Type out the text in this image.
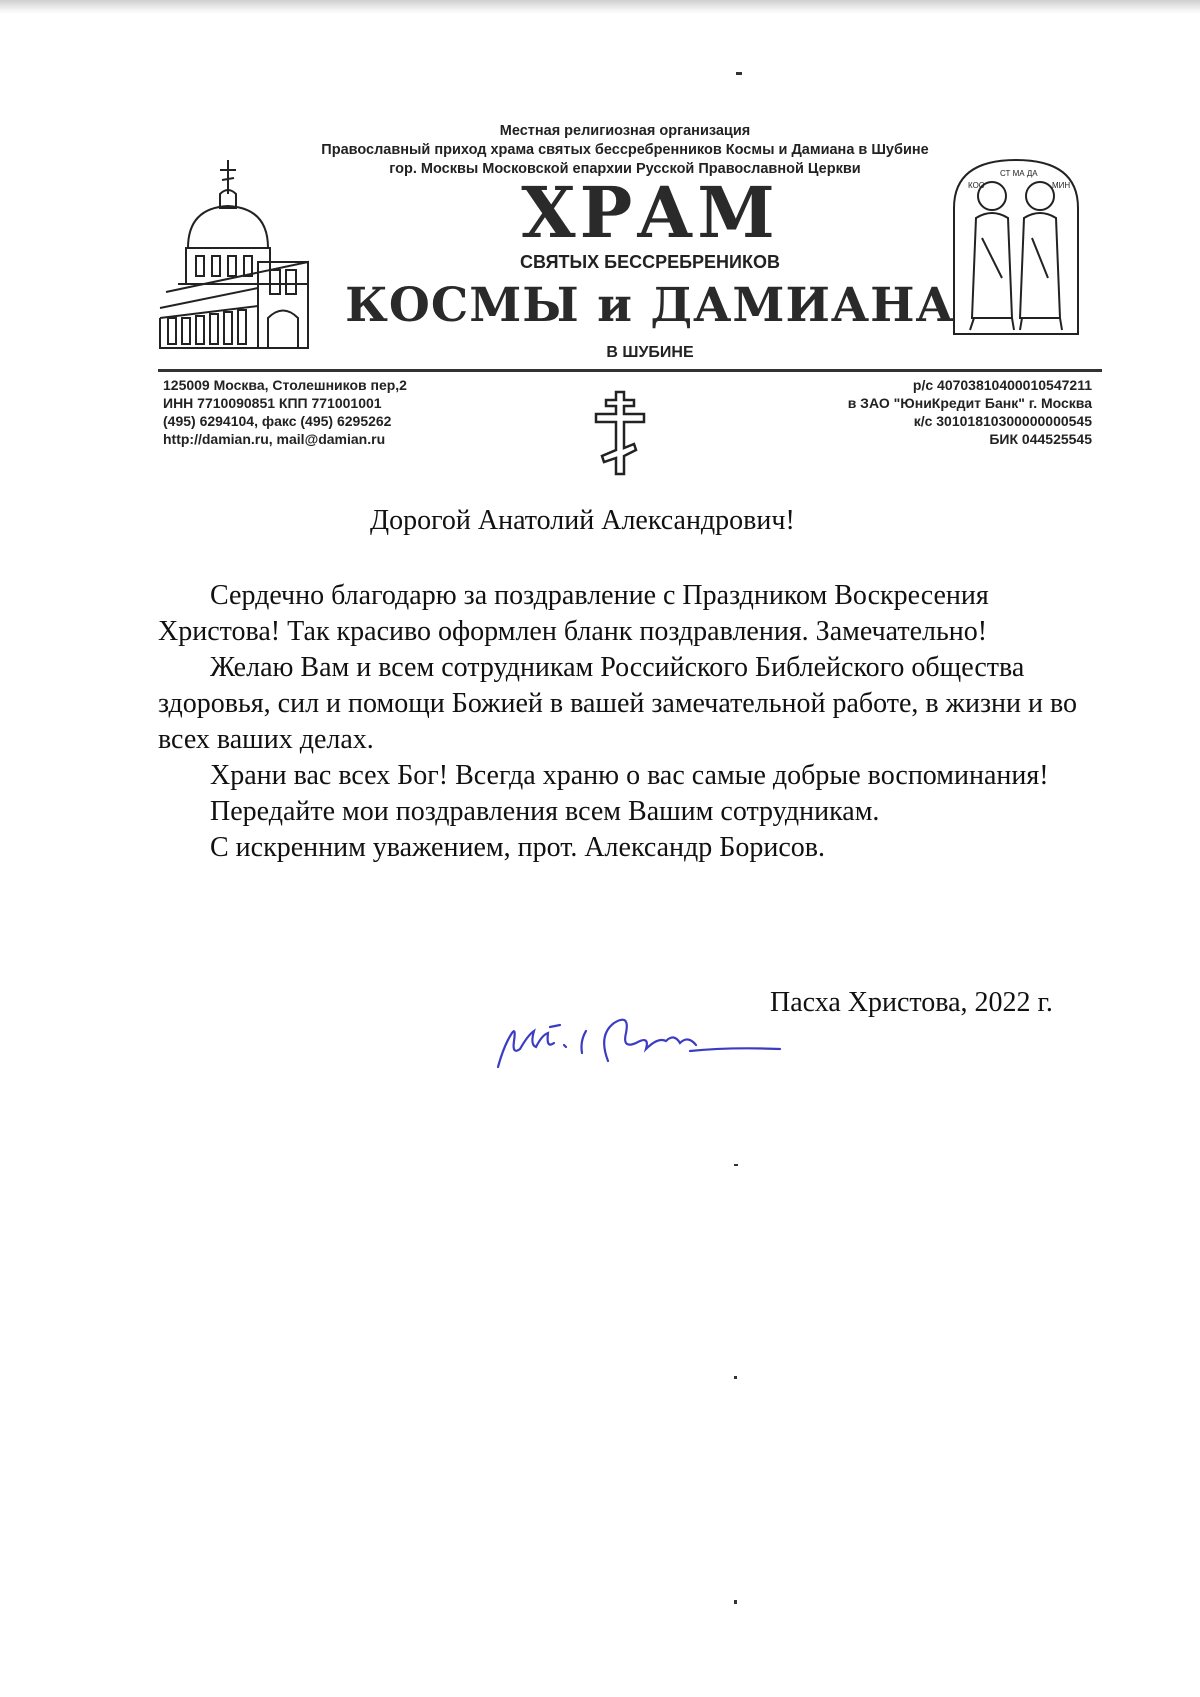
КОС
СТ МА ДА
МИН
Местная религиозная организация
Православный приход храма святых бессребренников Космы и Дамиана в Шубине
гор. Москвы Московской епархии Русской Православной Церкви
ХРАМ
СВЯТЫХ БЕССРЕБРЕНИКОВ
КОСМЫ и ДАМИАНА
В ШУБИНЕ
125009 Москва, Столешников пер,2
ИНН 7710090851 КПП 771001001
(495) 6294104, факс (495) 6295262
http://damian.ru, mail@damian.ru
р/с 40703810400010547211
в ЗАО "ЮниКредит Банк" г. Москва
к/с 30101810300000000545
БИК 044525545
Дорогой Анатолий Александрович!

Сердечно благодарю за поздравление с Праздником Воскресения Христова! Так красиво оформлен бланк поздравления. Замечательно!

Желаю Вам и всем сотрудникам Российского Библейского общества здоровья, сил и помощи Божией в вашей замечательной работе, в жизни и во всех ваших делах.

Храни вас всех Бог! Всегда храню о вас самые добрые воспоминания!

Передайте мои поздравления всем Вашим сотрудникам.

С искренним уважением, прот. Александр Борисов.

Пасха Христова, 2022 г.
